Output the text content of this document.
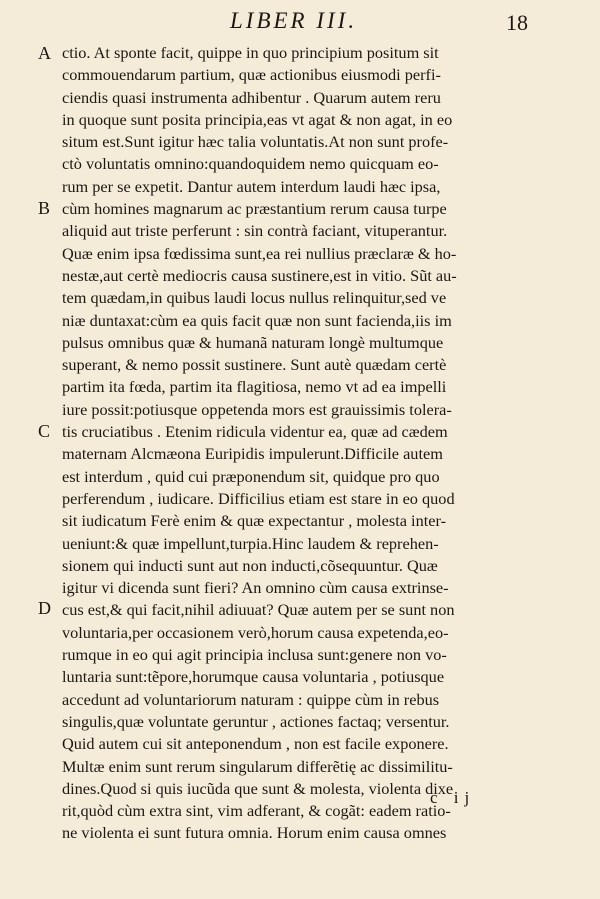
LIBER III.	18
A
B
C
D
ctio. At sponte facit, quippe in quo principium positum sit
commouendarum partium, quæ actionibus eiusmodi perfi-
ciendis quasi instrumenta adhibentur . Quarum autem reru
in quoque sunt posita principia,eas vt agat & non agat, in eo
situm est.Sunt igitur hæc talia voluntatis.At non sunt profe-
ctò voluntatis omnino:quandoquidem nemo quicquam eo-
rum per se expetit. Dantur autem interdum laudi hæc ipsa,
cùm homines magnarum ac præstantium rerum causa turpe
aliquid aut triste perferunt : sin contrà faciant, vituperantur.
Quæ enim ipsa fœdissima sunt,ea rei nullius præclaræ & ho-
nestæ,aut certè mediocris causa sustinere,est in vitio. Sũt au-
tem quædam,in quibus laudi locus nullus relinquitur,sed ve
niæ duntaxat:cùm ea quis facit quæ non sunt facienda,iis im
pulsus omnibus quæ & humanã naturam longè multumque
superant, & nemo possit sustinere. Sunt autè quædam certè
partim ita fœda, partim ita flagitiosa, nemo vt ad ea impelli
iure possit:potiusque oppetenda mors est grauissimis tolera-
tis cruciatibus . Etenim ridicula videntur ea, quæ ad cædem
maternam Alcmæona Euripidis impulerunt.Difficile autem
est interdum , quid cui præponendum sit, quidque pro quo
perferendum , iudicare. Difficilius etiam est stare in eo quod
sit iudicatum Ferè enim & quæ expectantur , molesta inter-
ueniunt:& quæ impellunt,turpia.Hinc laudem & reprehen-
sionem qui inducti sunt aut non inducti,cõsequuntur. Quæ
igitur vi dicenda sunt fieri? An omnino cùm causa extrinse-
cus est,& qui facit,nihil adiuuat? Quæ autem per se sunt non
voluntaria,per occasionem verò,horum causa expetenda,eo-
rumque in eo qui agit principia inclusa sunt:genere non vo-
luntaria sunt:tẽpore,horumque causa voluntaria , potiusque
accedunt ad voluntariorum naturam : quippe cùm in rebus
singulis,quæ voluntate geruntur , actiones factaq; versentur.
Quid autem cui sit anteponendum , non est facile exponere.
Multæ enim sunt rerum singularum differẽtię ac dissimilitu-
dines.Quod si quis iucũda que sunt & molesta, violenta dixe
rit,quòd cùm extra sint, vim adferant, & cogãt: eadem ratio-
ne violenta ei sunt futura omnia. Horum enim causa omnes
c ij
